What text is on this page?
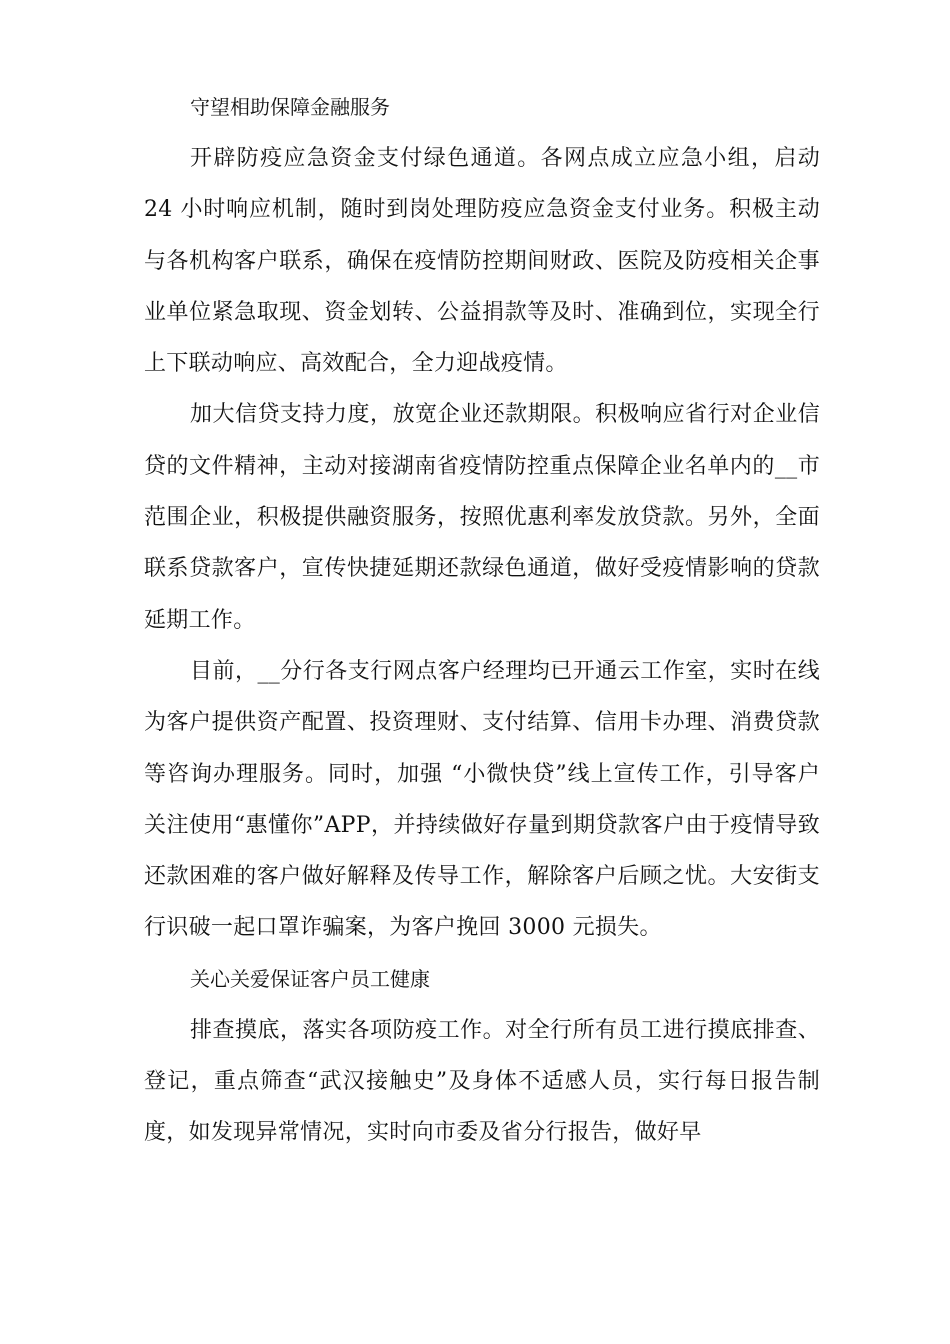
守望相助保障金融服务

开辟防疫应急资金支付绿色通道。各网点成立应急小组，启动 24 小时响应机制，随时到岗处理防疫应急资金支付业务。积极主动与各机构客户联系，确保在疫情防控期间财政、医院及防疫相关企事业单位紧急取现、资金划转、公益捐款等及时、准确到位，实现全行上下联动响应、高效配合，全力迎战疫情。

加大信贷支持力度，放宽企业还款期限。积极响应省行对企业信贷的文件精神，主动对接湖南省疫情防控重点保障企业名单内的__市范围企业，积极提供融资服务，按照优惠利率发放贷款。另外，全面联系贷款客户，宣传快捷延期还款绿色通道，做好受疫情影响的贷款延期工作。

目前，__分行各支行网点客户经理均已开通云工作室，实时在线为客户提供资产配置、投资理财、支付结算、信用卡办理、消费贷款等咨询办理服务。同时，加强 “小微快贷”线上宣传工作，引导客户关注使用“惠懂你”APP，并持续做好存量到期贷款客户由于疫情导致还款困难的客户做好解释及传导工作，解除客户后顾之忧。大安街支行识破一起口罩诈骗案，为客户挽回 3000 元损失。

关心关爱保证客户员工健康

排查摸底，落实各项防疫工作。对全行所有员工进行摸底排查、登记，重点筛查“武汉接触史”及身体不适感人员，实行每日报告制度，如发现异常情况，实时向市委及省分行报告，做好早
